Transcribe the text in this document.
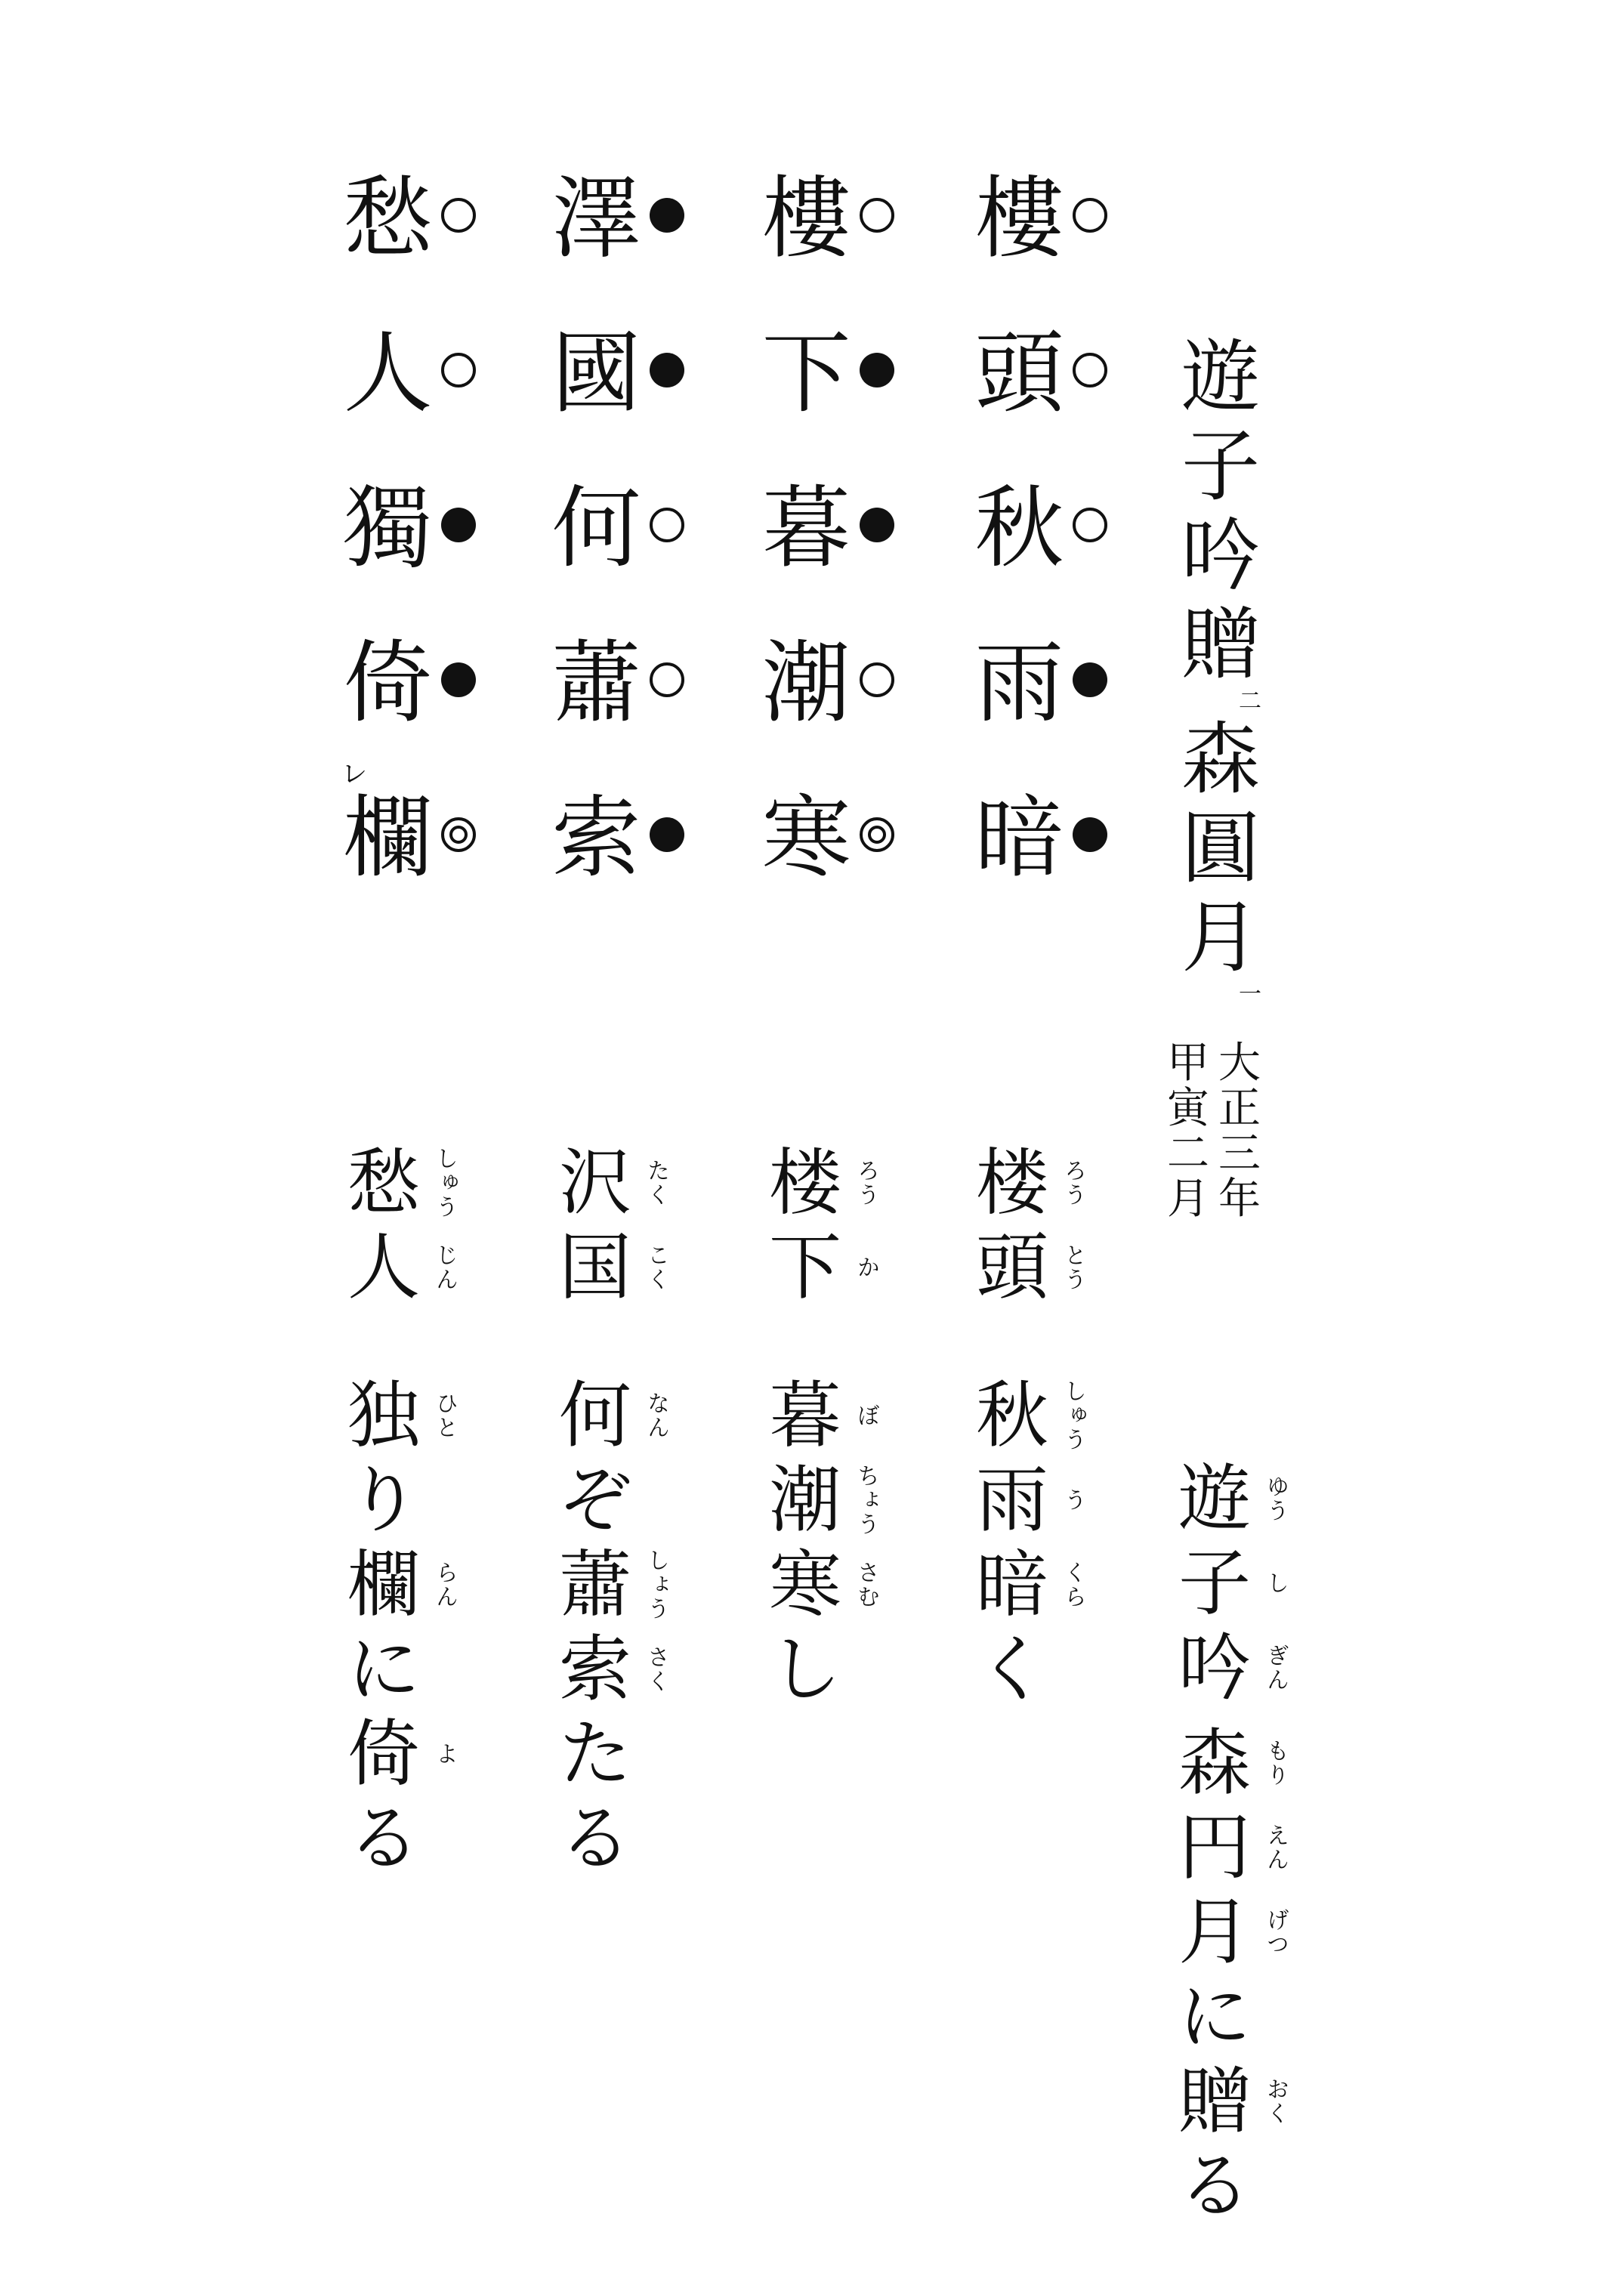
遊
子
吟
贈
二
森
圓
月
一
大
正
三
年
甲
寅
二
月
樓
頭
秋
雨
暗
樓
下
暮
潮
寒
澤
國
何
蕭
索
愁
人
獨
倚
欄
レ
遊 ゆう
子 し
吟 ぎん
森 もり
円 えん
月 げつ
に
贈 おく
る
楼 ろう
頭 とう
秋 しゅう
雨 う
暗 くら
く
楼 ろう
下 か
暮 ぼ
潮 ちょう
寒 さむ
し
沢 たく
国 こく
何 なん
ぞ
蕭 しょう
索 さく
た
る
愁 しゅう
人 じん
独 ひと
り
欄 らん
に
倚 よ
る
